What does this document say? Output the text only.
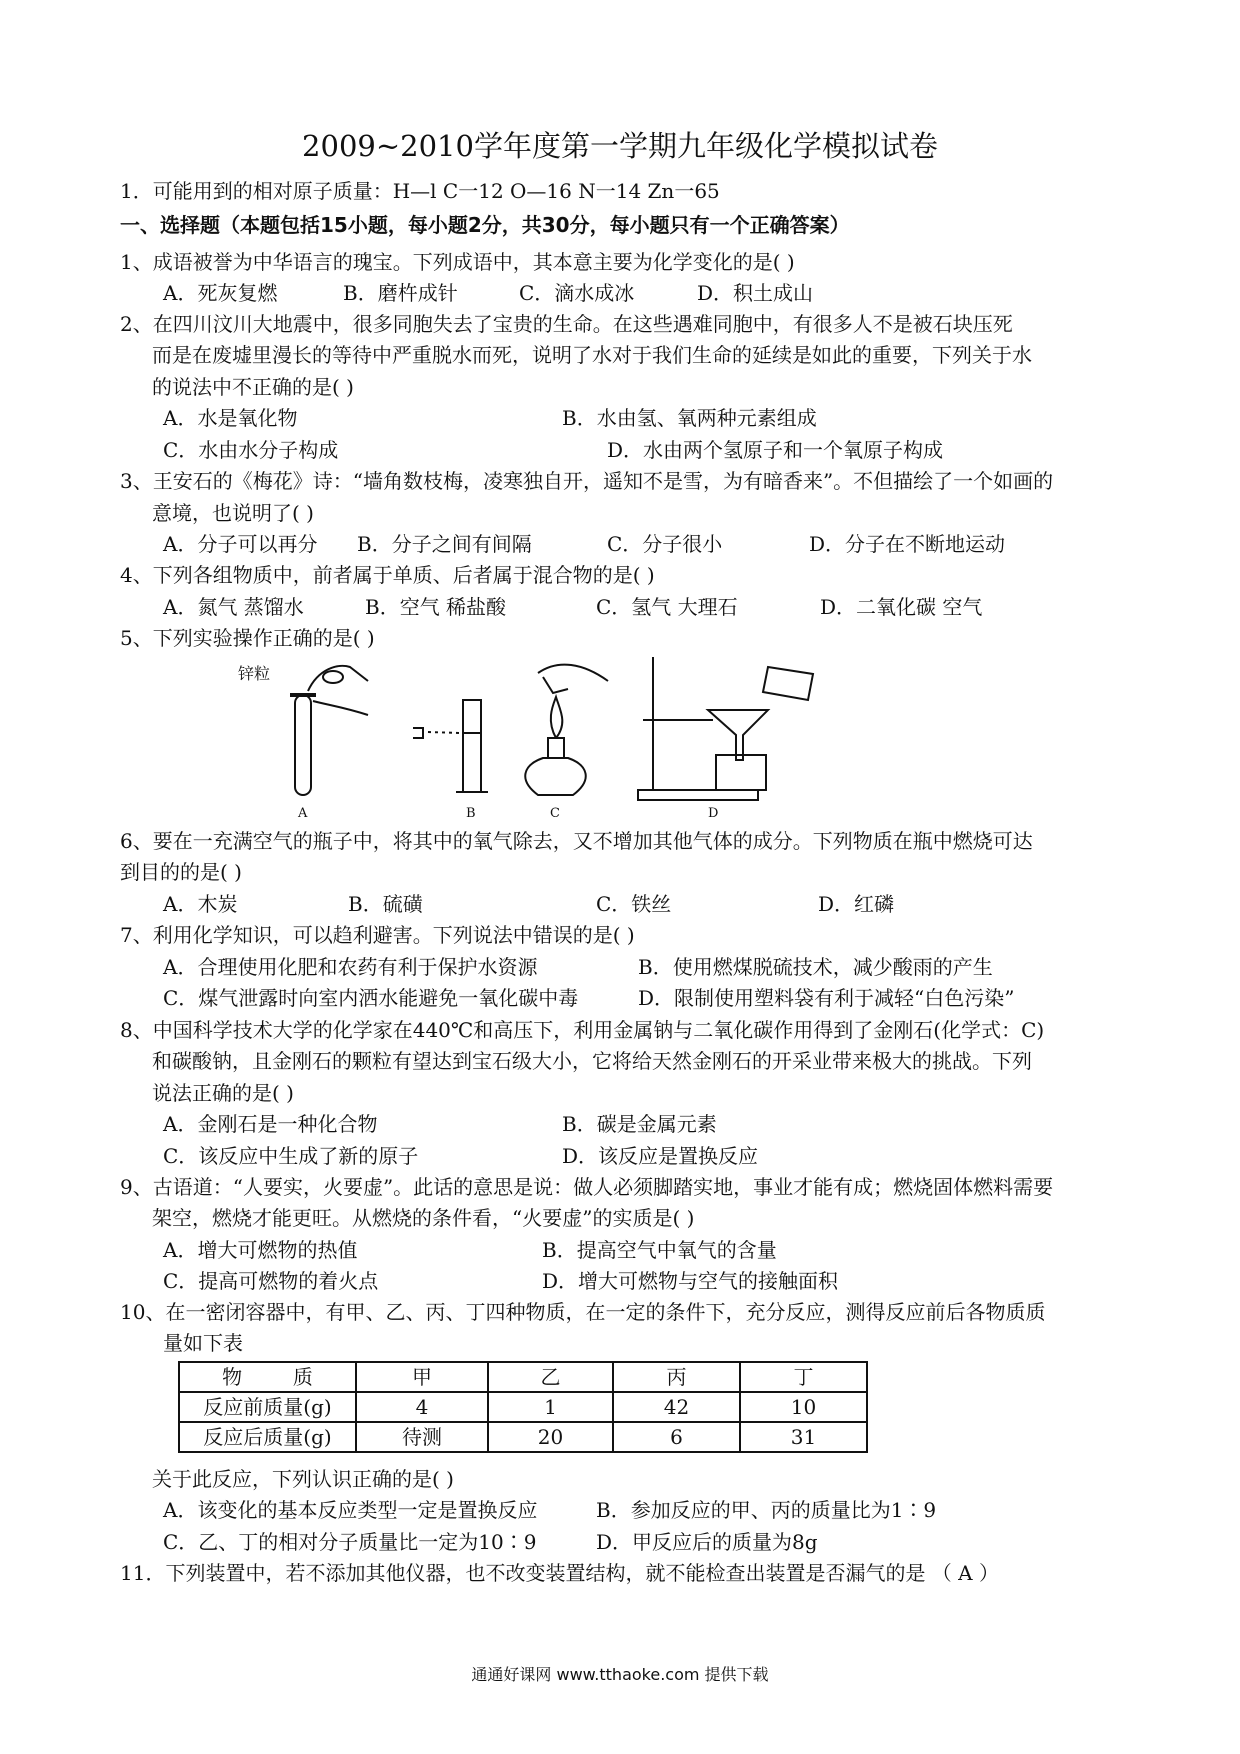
2009~2010学年度第一学期九年级化学模拟试卷
1．可能用到的相对原子质量：H—l C一12 O—16 N一14 Zn一65
一、选择题（本题包括15小题，每小题2分，共30分，每小题只有一个正确答案）
1、成语被誉为中华语言的瑰宝。下列成语中，其本意主要为化学变化的是( )
A．死灰复燃	B．磨杵成针	C．滴水成冰	D．积土成山
2、在四川汶川大地震中，很多同胞失去了宝贵的生命。在这些遇难同胞中，有很多人不是被石块压死
而是在废墟里漫长的等待中严重脱水而死，说明了水对于我们生命的延续是如此的重要，下列关于水
的说法中不正确的是( )
A．水是氧化物	B．水由氢、氧两种元素组成
C．水由水分子构成	D．水由两个氢原子和一个氧原子构成
3、王安石的《梅花》诗：“墙角数枝梅，凌寒独自开，遥知不是雪，为有暗香来”。不但描绘了一个如画的
意境，也说明了( )
A．分子可以再分 B．分子之间有间隔	C．分子很小	D．分子在不断地运动
4、下列各组物质中，前者属于单质、后者属于混合物的是( )
A．氮气 蒸馏水	B．空气 稀盐酸	C．氢气 大理石	D．二氧化碳 空气
5、下列实验操作正确的是( )
锌粒
A	B	C	D
6、要在一充满空气的瓶子中，将其中的氧气除去，又不增加其他气体的成分。下列物质在瓶中燃烧可达
到目的的是( )
A．木炭	B．硫磺	C．铁丝	D．红磷
7、利用化学知识，可以趋利避害。下列说法中错误的是( )
A．合理使用化肥和农药有利于保护水资源	B．使用燃煤脱硫技术，减少酸雨的产生
C．煤气泄露时向室内洒水能避免一氧化碳中毒	D．限制使用塑料袋有利于减轻“白色污染”
8、中国科学技术大学的化学家在440℃和高压下，利用金属钠与二氧化碳作用得到了金刚石(化学式：C)
和碳酸钠，且金刚石的颗粒有望达到宝石级大小，它将给天然金刚石的开采业带来极大的挑战。下列
说法正确的是( )
A．金刚石是一种化合物	B．碳是金属元素
C．该反应中生成了新的原子	D．该反应是置换反应
9、古语道：“人要实，火要虚”。此话的意思是说：做人必须脚踏实地，事业才能有成；燃烧固体燃料需要
架空，燃烧才能更旺。从燃烧的条件看，“火要虚”的实质是( )
A．增大可燃物的热值	B．提高空气中氧气的含量
C．提高可燃物的着火点	D．增大可燃物与空气的接触面积
10、在一密闭容器中，有甲、乙、丙、丁四种物质，在一定的条件下，充分反应，测得反应前后各物质质
量如下表
物        质	甲	乙	丙	丁
反应前质量(g)	4	1	42	10
反应后质量(g)	待测	20	6	31
关于此反应，下列认识正确的是( )
A．该变化的基本反应类型一定是置换反应	B．参加反应的甲、丙的质量比为1∶9
C．乙、丁的相对分子质量比一定为10∶9	D．甲反应后的质量为8g
11．下列装置中，若不添加其他仪器，也不改变装置结构，就不能检查出装置是否漏气的是 （ A ）
通通好课网 www.tthaoke.com 提供下载
